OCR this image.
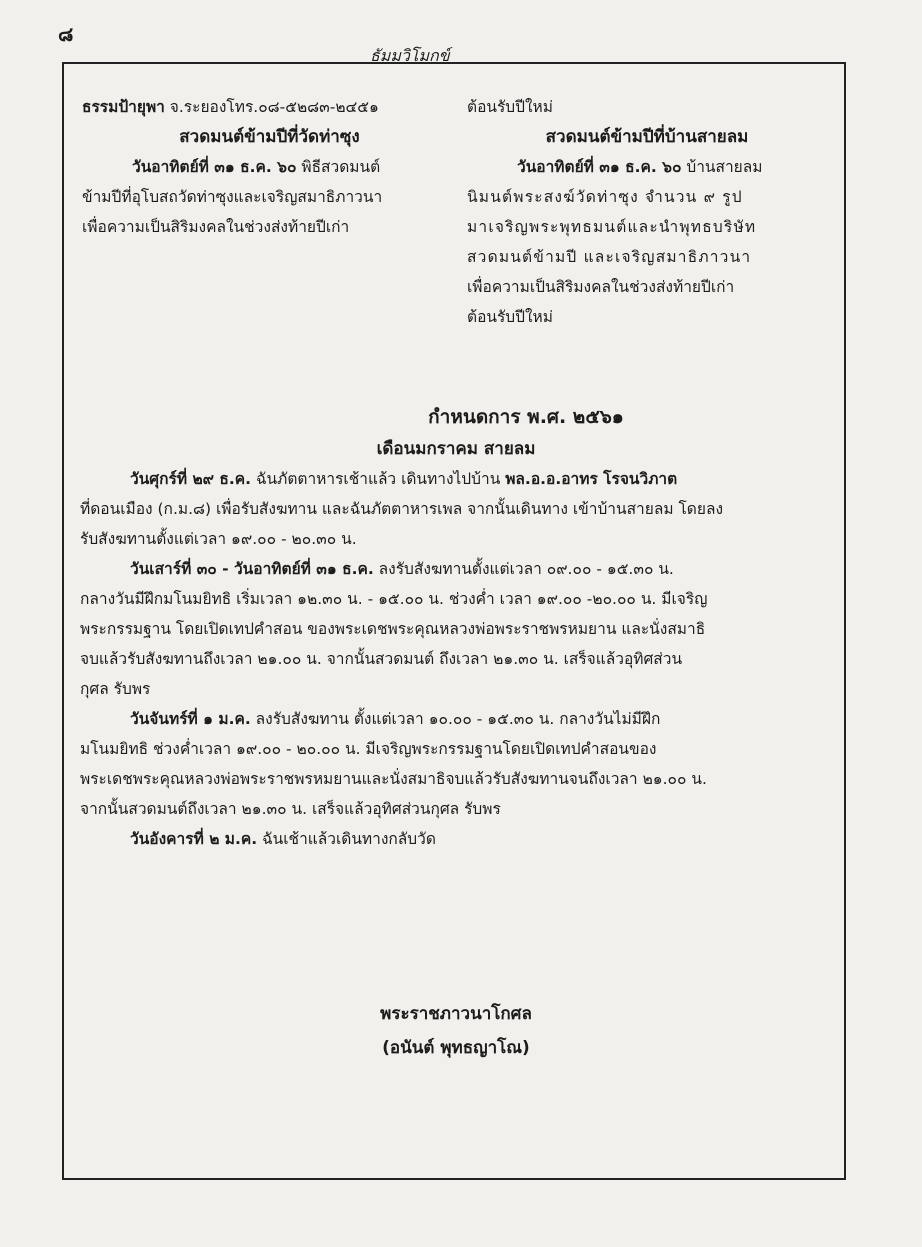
๘
ธัมมวิโมกข์
ธรรมป้ายุพา จ.ระยองโทร.๐๘-๕๒๘๓-๒๔๕๑
สวดมนต์ข้ามปีที่วัดท่าซุง
วันอาทิตย์ที่ ๓๑ ธ.ค. ๖๐ พิธีสวดมนต์
ข้ามปีที่อุโบสถวัดท่าซุงและเจริญสมาธิภาวนา
เพื่อความเป็นสิริมงคลในช่วงส่งท้ายปีเก่า
ต้อนรับปีใหม่
สวดมนต์ข้ามปีที่บ้านสายลม
วันอาทิตย์ที่ ๓๑ ธ.ค. ๖๐ บ้านสายลม
นิมนต์พระสงฆ์วัดท่าซุง จำนวน ๙ รูป
มาเจริญพระพุทธมนต์และนำพุทธบริษัท
สวดมนต์ข้ามปี และเจริญสมาธิภาวนา
เพื่อความเป็นสิริมงคลในช่วงส่งท้ายปีเก่า
ต้อนรับปีใหม่
กำหนดการ พ.ศ. ๒๕๖๑
เดือนมกราคม สายลม
วันศุกร์ที่ ๒๙ ธ.ค. ฉันภัตตาหารเช้าแล้ว เดินทางไปบ้าน พล.อ.อ.อาทร โรจนวิภาต
ที่ดอนเมือง (ก.ม.๘) เพื่อรับสังฆทาน และฉันภัตตาหารเพล จากนั้นเดินทาง เข้าบ้านสายลม โดยลง
รับสังฆทานตั้งแต่เวลา ๑๙.๐๐ - ๒๐.๓๐ น.
วันเสาร์ที่ ๓๐ - วันอาทิตย์ที่ ๓๑ ธ.ค. ลงรับสังฆทานตั้งแต่เวลา ๐๙.๐๐ - ๑๕.๓๐ น.
กลางวันมีฝึกมโนมยิทธิ เริ่มเวลา ๑๒.๓๐ น. - ๑๕.๐๐ น. ช่วงค่ำ เวลา ๑๙.๐๐ -๒๐.๐๐ น. มีเจริญ
พระกรรมฐาน โดยเปิดเทปคำสอน ของพระเดชพระคุณหลวงพ่อพระราชพรหมยาน และนั่งสมาธิ
จบแล้วรับสังฆทานถึงเวลา ๒๑.๐๐ น. จากนั้นสวดมนต์ ถึงเวลา ๒๑.๓๐ น. เสร็จแล้วอุทิศส่วน
กุศล รับพร
วันจันทร์ที่ ๑ ม.ค. ลงรับสังฆทาน ตั้งแต่เวลา ๑๐.๐๐ - ๑๕.๓๐ น. กลางวันไม่มีฝึก
มโนมยิทธิ ช่วงค่ำเวลา ๑๙.๐๐ - ๒๐.๐๐ น. มีเจริญพระกรรมฐานโดยเปิดเทปคำสอนของ
พระเดชพระคุณหลวงพ่อพระราชพรหมยานและนั่งสมาธิจบแล้วรับสังฆทานจนถึงเวลา ๒๑.๐๐ น.
จากนั้นสวดมนต์ถึงเวลา ๒๑.๓๐ น. เสร็จแล้วอุทิศส่วนกุศล รับพร
วันอังคารที่ ๒ ม.ค. ฉันเช้าแล้วเดินทางกลับวัด
พระราชภาวนาโกศล
(อนันต์ พุทธญาโณ)
